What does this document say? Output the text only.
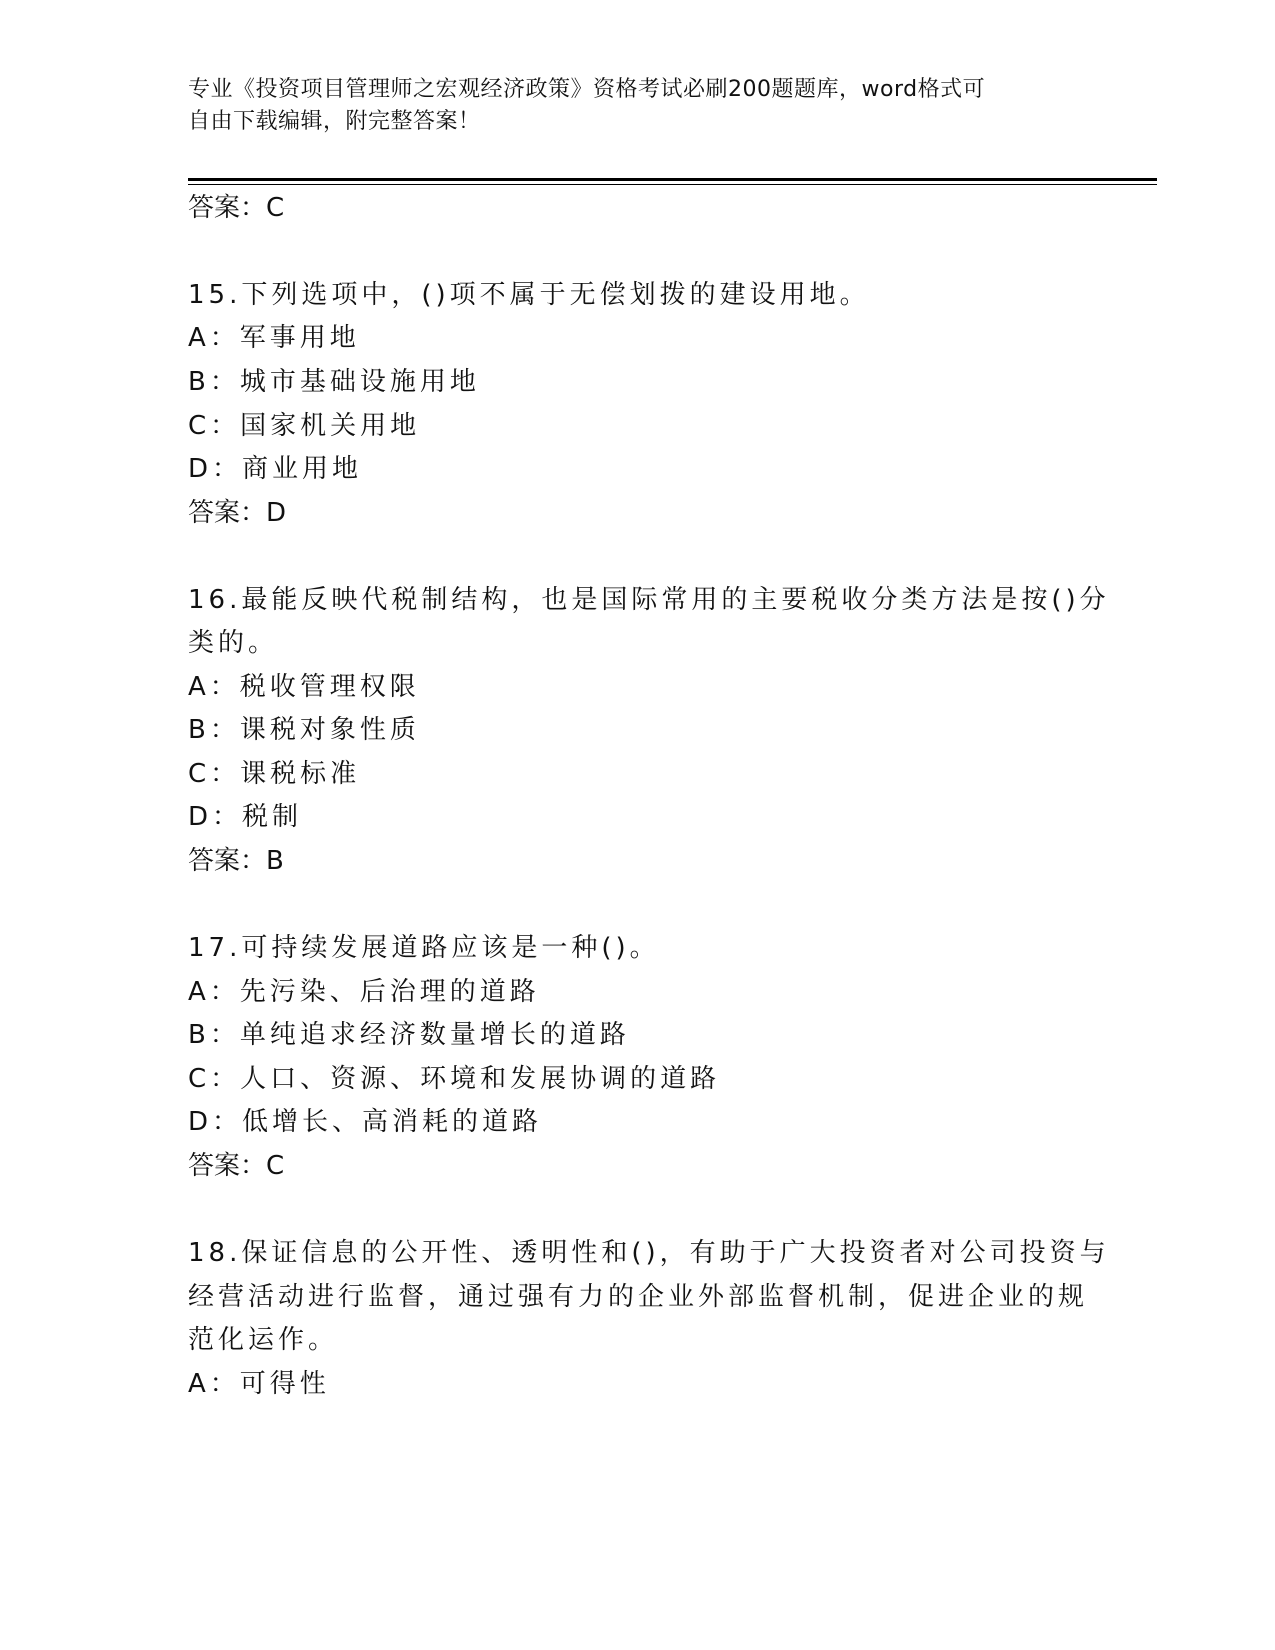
专业《投资项目管理师之宏观经济政策》资格考试必刷200题题库，word格式可
自由下载编辑，附完整答案！
答案：C
15.下列选项中，()项不属于无偿划拨的建设用地。
A：军事用地
B：城市基础设施用地
C：国家机关用地
D：商业用地
答案：D
16.最能反映代税制结构，也是国际常用的主要税收分类方法是按()分
类的。
A：税收管理权限
B：课税对象性质
C：课税标准
D：税制
答案：B
17.可持续发展道路应该是一种()。
A：先污染、后治理的道路
B：单纯追求经济数量增长的道路
C：人口、资源、环境和发展协调的道路
D：低增长、高消耗的道路
答案：C
18.保证信息的公开性、透明性和()，有助于广大投资者对公司投资与
经营活动进行监督，通过强有力的企业外部监督机制，促进企业的规
范化运作。
A：可得性
